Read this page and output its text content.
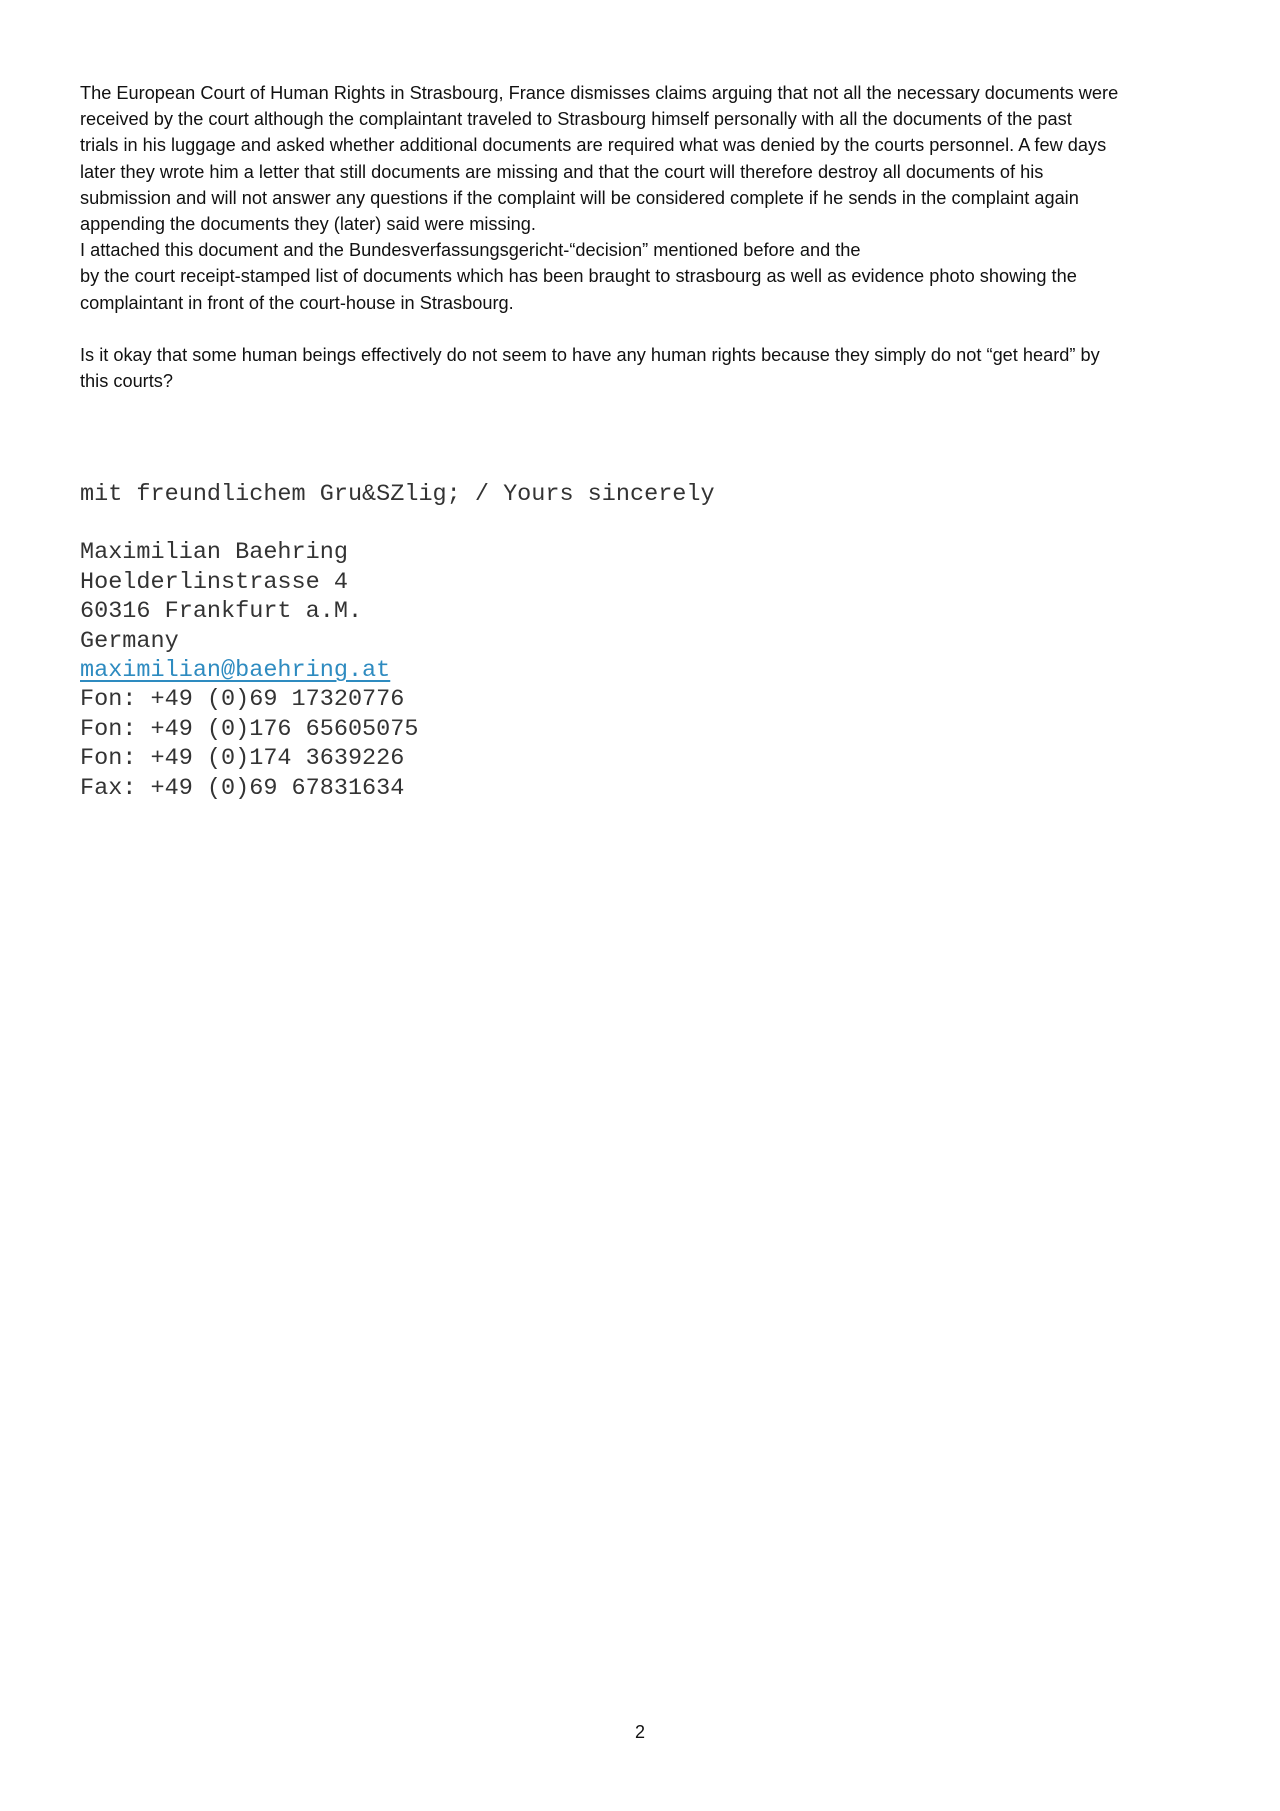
The European Court of Human Rights in Strasbourg, France dismisses claims arguing that not all the necessary documents were

received by the court although the complaintant traveled to Strasbourg himself personally with all the documents of the past

trials in his luggage and asked whether additional documents are required what was denied by the courts personnel. A few days

later they wrote him a letter that still documents are missing and that the court will therefore destroy all documents of his

submission and will not answer any questions if the complaint will be considered complete if he sends in the complaint again

appending the documents they (later) said were missing.

I attached this document and the Bundesverfassungsgericht-“decision” mentioned before and the

by the court receipt-stamped list of documents which has been braught to strasbourg as well as evidence photo showing the

complaintant in front of the court-house in Strasbourg.

Is it okay that some human beings effectively do not seem to have any human rights because they simply do not “get heard” by

this courts?

mit freundlichem Gru&SZlig; / Yours sincerely
Maximilian Baehring
Hoelderlinstrasse 4
60316 Frankfurt a.M.
Germany
maximilian@baehring.at
Fon: +49 (0)69 17320776
Fon: +49 (0)176 65605075
Fon: +49 (0)174 3639226
Fax: +49 (0)69 67831634
2
